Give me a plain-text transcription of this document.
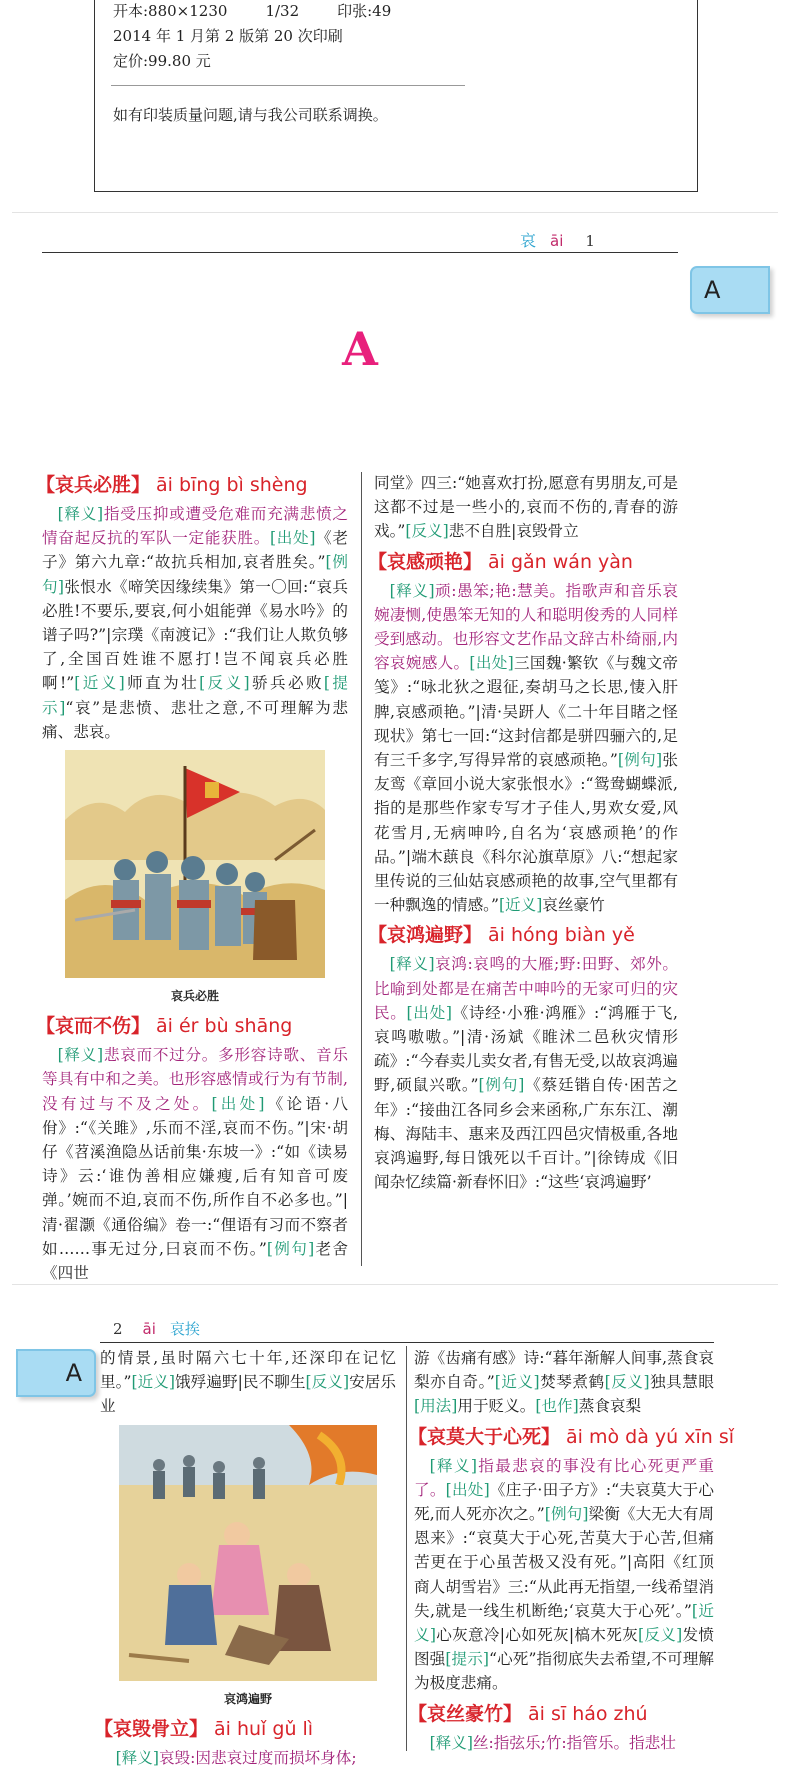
开本:880×1230	1/32	印张:49
2014 年 1 月第 2 版第 20 次印刷
定价:99.80 元
如有印装质量问题,请与我公司联系调换。
哀 āi 1
A
A
【哀兵必胜】 āi bīng bì shèng

[释义]指受压抑或遭受危难而充满悲愤之情奋起反抗的军队一定能获胜。[出处]《老子》第六九章:“故抗兵相加,哀者胜矣。”[例句]张恨水《啼笑因缘续集》第一〇回:“哀兵必胜!不要乐,要哀,何小姐能弹《易水吟》的谱子吗?”|宗璞《南渡记》:“我们让人欺负够了,全国百姓谁不愿打!岂不闻哀兵必胜啊!”[近义]师直为壮[反义]骄兵必败[提示]“哀”是悲愤、悲壮之意,不可理解为悲痛、悲哀。

哀兵必胜
【哀而不伤】 āi ér bù shāng

[释义]悲哀而不过分。多形容诗歌、音乐等具有中和之美。也形容感情或行为有节制,没有过与不及之处。[出处]《论语·八佾》:“《关雎》,乐而不淫,哀而不伤。”|宋·胡仔《苕溪渔隐丛话前集·东坡一》:“如《读易诗》云:‘谁伪善相应嫌瘦,后有知音可废弹。’婉而不迫,哀而不伤,所作自不必多也。”|清·翟灏《通俗编》卷一:“俚语有习而不察者如……事无过分,曰哀而不伤。”[例句]老舍《四世

同堂》四三:“她喜欢打扮,愿意有男朋友,可是这都不过是一些小的,哀而不伤的,青春的游戏。”[反义]悲不自胜|哀毁骨立

【哀感顽艳】 āi gǎn wán yàn

[释义]顽:愚笨;艳:慧美。指歌声和音乐哀婉凄恻,使愚笨无知的人和聪明俊秀的人同样受到感动。也形容文艺作品文辞古朴绮丽,内容哀婉感人。[出处]三国魏·繁钦《与魏文帝笺》:“咏北狄之遐征,奏胡马之长思,悽入肝脾,哀感顽艳。”|清·吴趼人《二十年目睹之怪现状》第七一回:“这封信都是骈四骊六的,足有三千多字,写得异常的哀感顽艳。”[例句]张友鸾《章回小说大家张恨水》:“鸳鸯蝴蝶派,指的是那些作家专写才子佳人,男欢女爱,风花雪月,无病呻吟,自名为‘哀感顽艳’的作品。”|端木蕻良《科尔沁旗草原》八:“想起家里传说的三仙姑哀感顽艳的故事,空气里都有一种飘逸的情感。”[近义]哀丝豪竹

【哀鸿遍野】 āi hóng biàn yě

[释义]哀鸿:哀鸣的大雁;野:田野、郊外。比喻到处都是在痛苦中呻吟的无家可归的灾民。[出处]《诗经·小雅·鸿雁》:“鸿雁于飞,哀鸣嗷嗷。”|清·汤斌《睢沭二邑秋灾情形疏》:“今春卖儿卖女者,有售无受,以故哀鸿遍野,硕鼠兴歌。”[例句]《蔡廷锴自传·困苦之年》:“接曲江各同乡会来函称,广东东江、潮梅、海陆丰、惠来及西江四邑灾情极重,各地哀鸿遍野,每日饿死以千百计。”|徐铸成《旧闻杂忆续篇·新春怀旧》:“这些‘哀鸿遍野’

2 āi 哀挨
A

的情景,虽时隔六七十年,还深印在记忆里。”[近义]饿殍遍野|民不聊生[反义]安居乐业

哀鸿遍野
【哀毁骨立】 āi huǐ gǔ lì

[释义]哀毁:因悲哀过度而损坏身体;

游《齿痛有感》诗:“暮年渐解人间事,蒸食哀梨亦自奇。”[近义]焚琴煮鹤[反义]独具慧眼[用法]用于贬义。[也作]蒸食哀梨

【哀莫大于心死】 āi mò dà yú xīn sǐ

[释义]指最悲哀的事没有比心死更严重了。[出处]《庄子·田子方》:“夫哀莫大于心死,而人死亦次之。”[例句]梁衡《大无大有周恩来》:“哀莫大于心死,苦莫大于心苦,但痛苦更在于心虽苦极又没有死。”|高阳《红顶商人胡雪岩》三:“从此再无指望,一线希望消失,就是一线生机断绝;‘哀莫大于心死’。”[近义]心灰意冷|心如死灰|槁木死灰[反义]发愤图强[提示]“心死”指彻底失去希望,不可理解为极度悲痛。

【哀丝豪竹】 āi sī háo zhú

[释义]丝:指弦乐;竹:指管乐。指悲壮
